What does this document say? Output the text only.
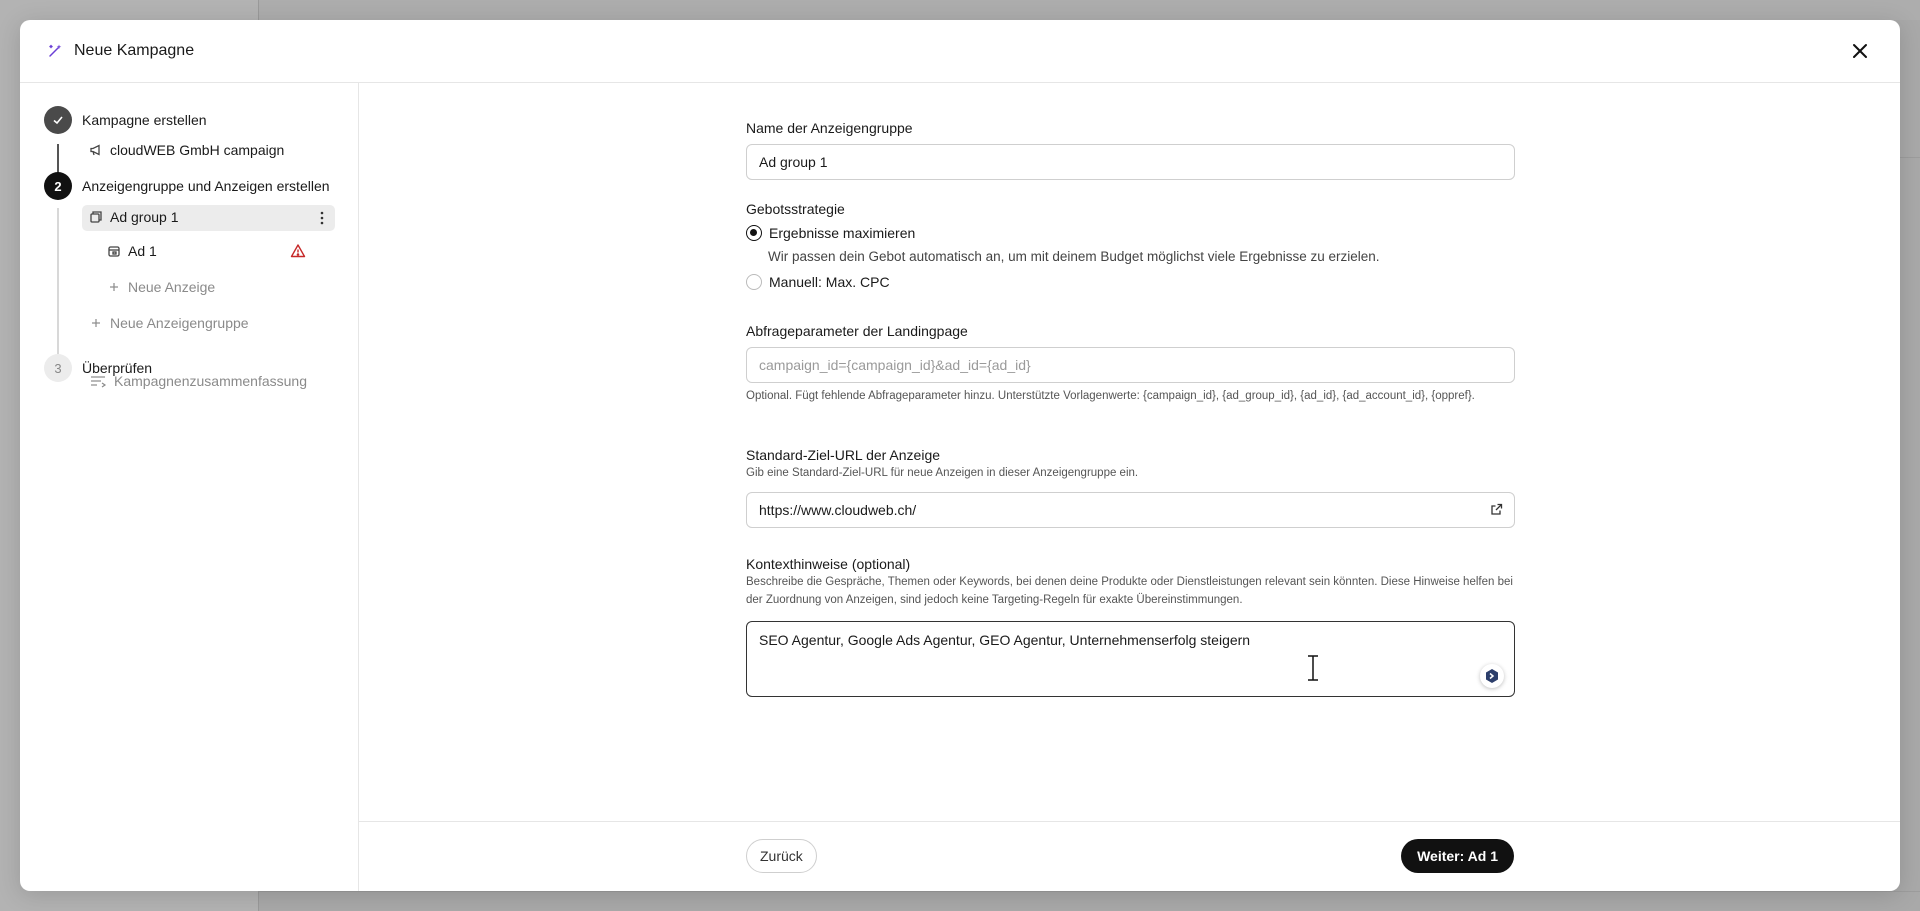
Neue Kampagne
Kampagne erstellen
cloudWEB GmbH campaign
2	Anzeigengruppe und Anzeigen erstellen
Ad group 1
Ad 1
Neue Anzeige
Neue Anzeigengruppe
3	Überprüfen
Kampagnenzusammenfassung
Name der Anzeigengruppe
Ad group 1
Gebotsstrategie
Ergebnisse maximieren
Wir passen dein Gebot automatisch an, um mit deinem Budget möglichst viele Ergebnisse zu erzielen.
Manuell: Max. CPC
Abfrageparameter der Landingpage
campaign_id={campaign_id}&ad_id={ad_id}
Optional. Fügt fehlende Abfrageparameter hinzu. Unterstützte Vorlagenwerte: {campaign_id}, {ad_group_id}, {ad_id}, {ad_account_id}, {oppref}.
Standard-Ziel-URL der Anzeige
Gib eine Standard-Ziel-URL für neue Anzeigen in dieser Anzeigengruppe ein.
https://www.cloudweb.ch/
Kontexthinweise (optional)
Beschreibe die Gespräche, Themen oder Keywords, bei denen deine Produkte oder Dienstleistungen relevant sein könnten. Diese Hinweise helfen bei der Zuordnung von Anzeigen, sind jedoch keine Targeting-Regeln für exakte Übereinstimmungen.
SEO Agentur, Google Ads Agentur, GEO Agentur, Unternehmenserfolg steigern
Zurück	Weiter: Ad 1
